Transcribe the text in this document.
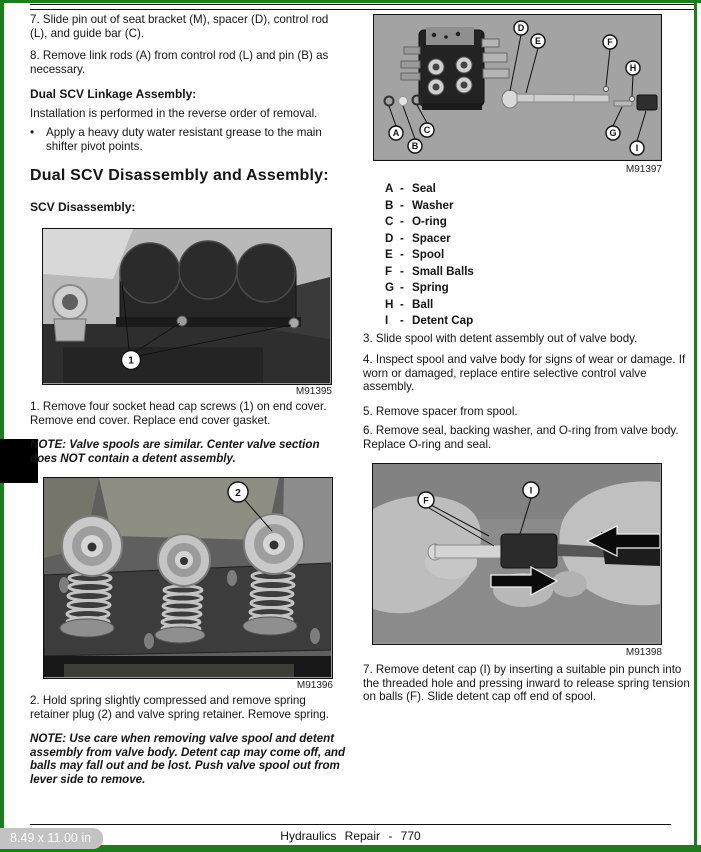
7. Slide pin out of seat bracket (M), spacer (D), control rod (L), and guide bar (C).
8. Remove link rods (A) from control rod (L) and pin (B) as necessary.
Dual SCV Linkage Assembly:
Installation is performed in the reverse order of removal.
•	Apply a heavy duty water resistant grease to the main shifter pivot points.
Dual SCV Disassembly and Assembly:
SCV Disassembly:
1
M91395
1. Remove four socket head cap screws (1) on end cover. Remove end cover. Replace end cover gasket.
NOTE: Valve spools are similar. Center valve section does NOT contain a detent assembly.
2
M91396
2. Hold spring slightly compressed and remove spring retainer plug (2) and valve spring retainer. Remove spring.
NOTE: Use care when removing valve spool and detent assembly from valve body. Detent cap may come off, and balls may fall out and be lost. Push valve spool out from lever side to remove.
D
E	F
H
A
B
C	G
I
M91397
A - Seal
B - Washer
C - O-ring
D - Spacer
E - Spool
F - Small Balls
G - Spring
H - Ball
I	- Detent Cap
3. Slide spool with detent assembly out of valve body.
4. Inspect spool and valve body for signs of wear or damage. If worn or damaged, replace entire selective control valve assembly.
5. Remove spacer from spool.
6. Remove seal, backing washer, and O-ring from valve body. Replace O-ring and seal.
F
I
M91398
7. Remove detent cap (I) by inserting a suitable pin punch into the threaded hole and pressing inward to release spring tension on balls (F). Slide detent cap off end of spool.
Hydraulics Repair - 770
8.49 x 11.00 in
